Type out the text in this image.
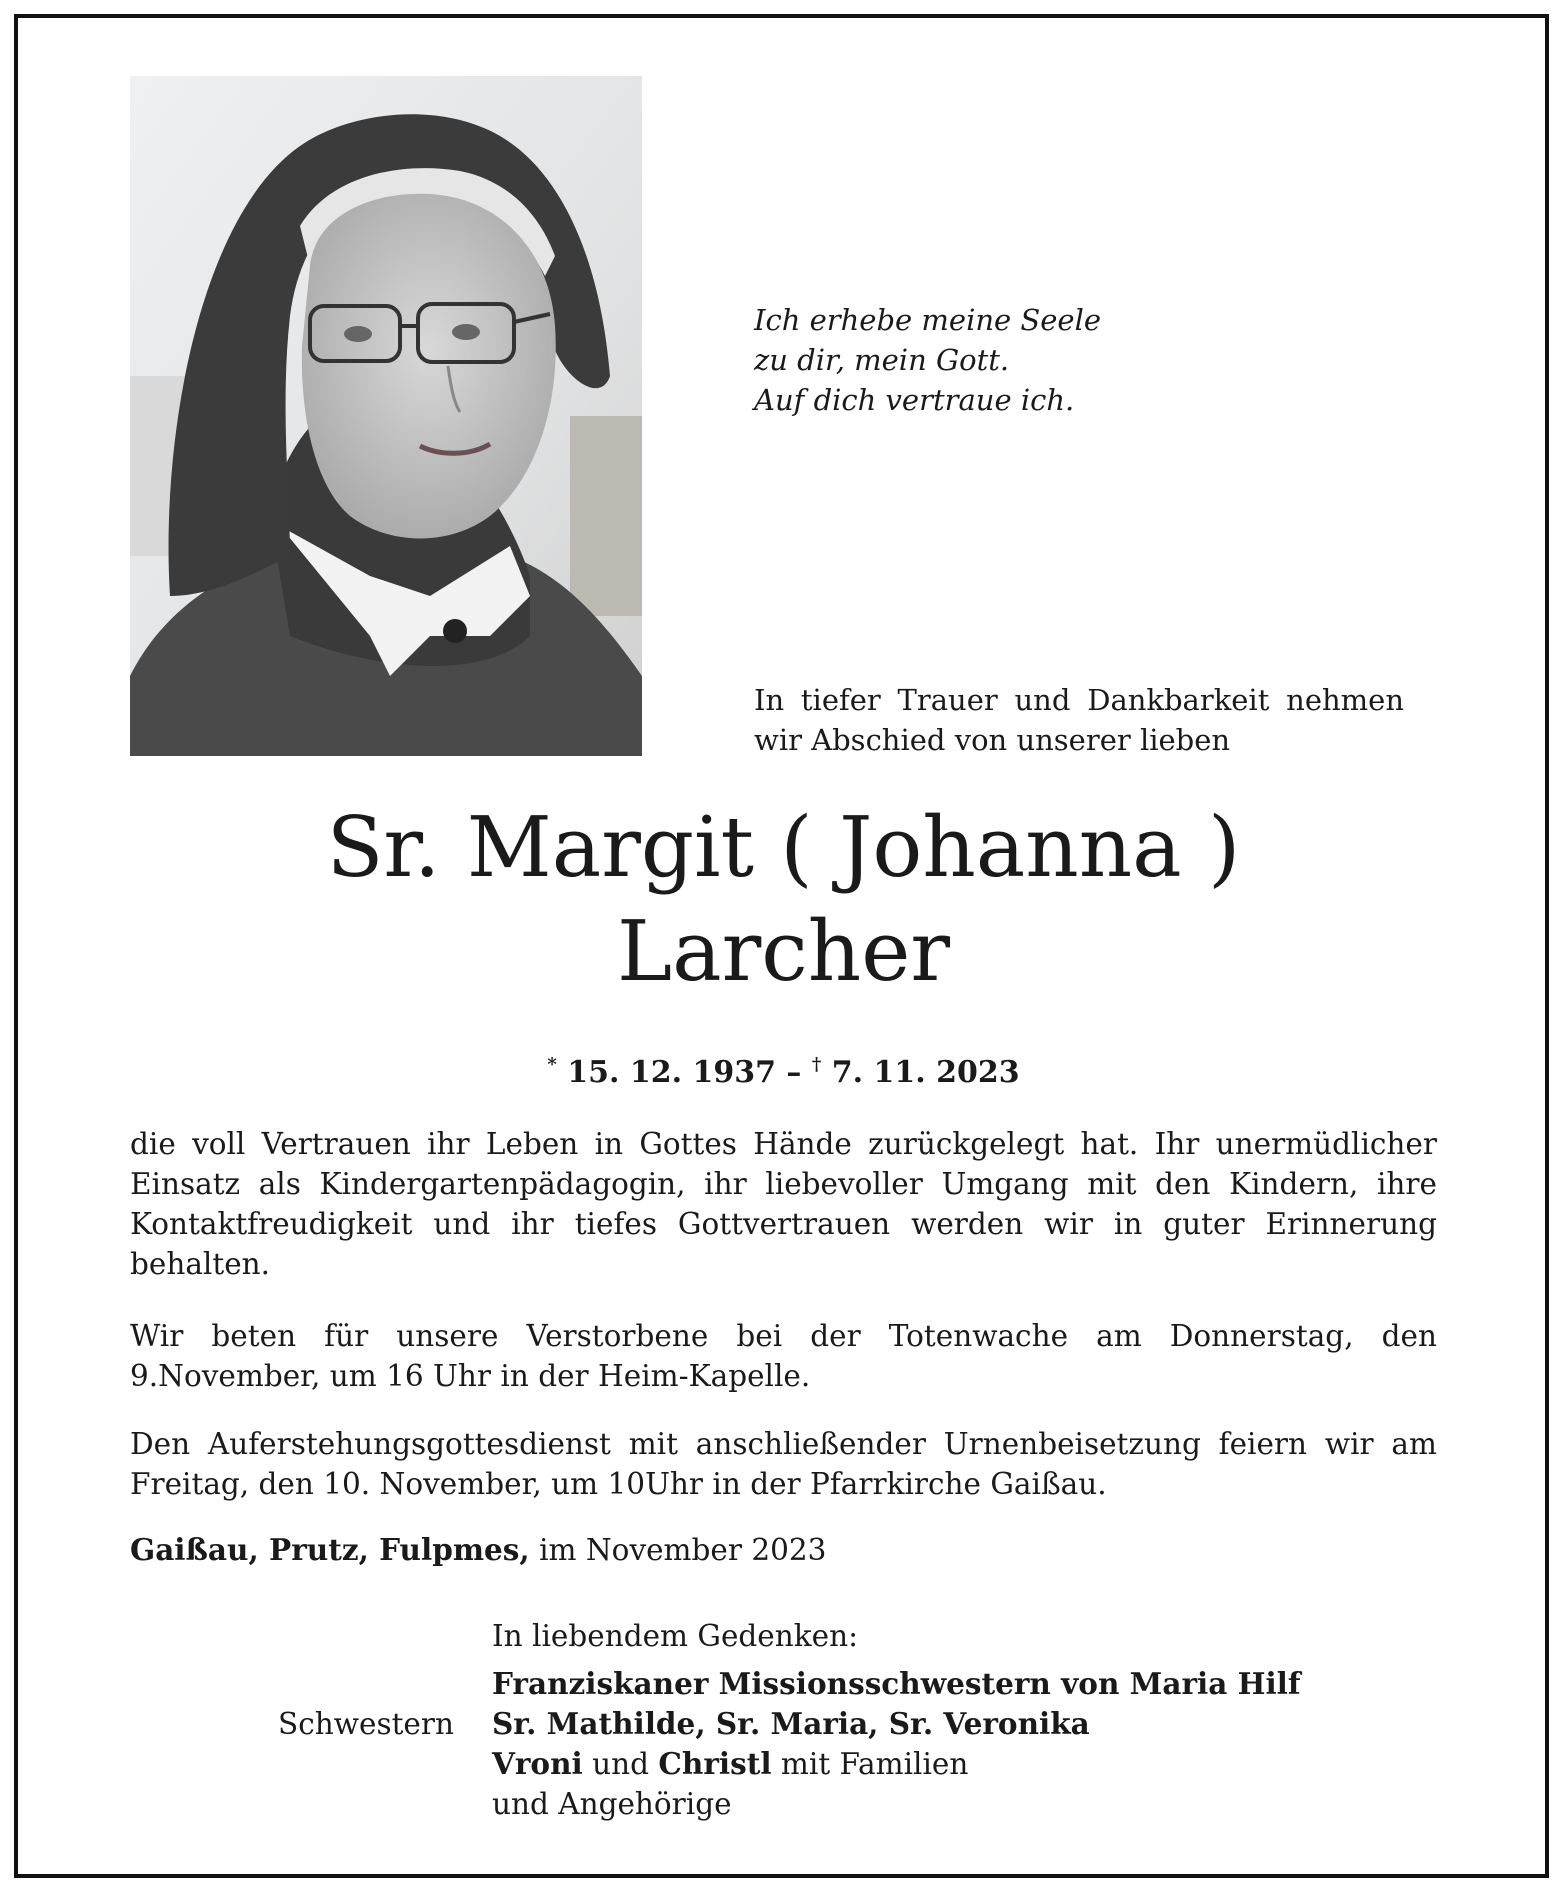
Ich erhebe meine Seele
zu dir, mein Gott.
Auf dich vertraue ich.
In tiefer Trauer und Dankbarkeit nehmen wir Abschied von unserer lieben
Sr. Margit ( Johanna )
Larcher
* 15. 12. 1937 – † 7. 11. 2023
die voll Vertrauen ihr Leben in Gottes Hände zurückgelegt hat. Ihr unermüdlicher Einsatz als Kindergartenpädagogin, ihr liebevoller Umgang mit den Kindern, ihre Kontaktfreudigkeit und ihr tiefes Gottvertrauen werden wir in guter Erinnerung behalten.
Wir beten für unsere Verstorbene bei der Totenwache am Donnerstag, den 9.November, um 16 Uhr in der Heim-Kapelle.
Den Auferstehungsgottesdienst mit anschließender Urnenbeisetzung feiern wir am Freitag, den 10. November, um 10Uhr in der Pfarrkirche Gaißau.
Gaißau, Prutz, Fulpmes, im November 2023
In liebendem Gedenken:
Franziskaner Missionsschwestern von Maria Hilf
Sr. Mathilde, Sr. Maria, Sr. Veronika
Vroni und Christl mit Familien
und Angehörige
Schwestern
